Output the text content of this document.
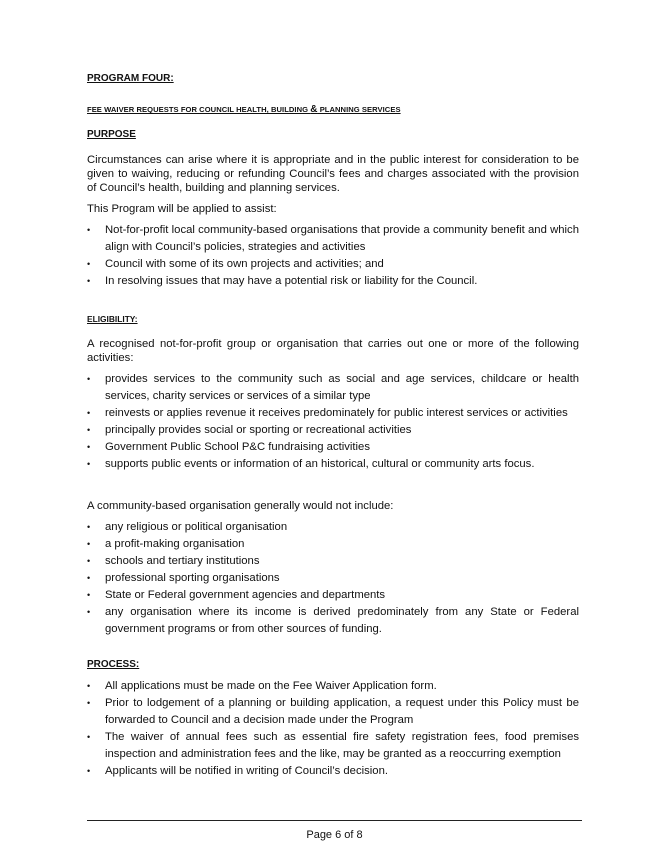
PROGRAM FOUR:
FEE WAIVER REQUESTS FOR COUNCIL HEALTH, BUILDING & PLANNING SERVICES
PURPOSE

Circumstances can arise where it is appropriate and in the public interest for consideration to be given to waiving, reducing or refunding Council’s fees and charges associated with the provision of Council’s health, building and planning services.

This Program will be applied to assist:

• Not-for-profit local community-based organisations that provide a community benefit and which align with Council’s policies, strategies and activities
• Council with some of its own projects and activities; and
• In resolving issues that may have a potential risk or liability for the Council.
ELIGIBILITY:

A recognised not-for-profit group or organisation that carries out one or more of the following activities:

• provides services to the community such as social and age services, childcare or health services, charity services or services of a similar type
• reinvests or applies revenue it receives predominately for public interest services or activities
• principally provides social or sporting or recreational activities
• Government Public School P&C fundraising activities
• supports public events or information of an historical, cultural or community arts focus.

A community-based organisation generally would not include:

• any religious or political organisation
• a profit-making organisation
• schools and tertiary institutions
• professional sporting organisations
• State or Federal government agencies and departments
• any organisation where its income is derived predominately from any State or Federal government programs or from other sources of funding.
PROCESS:
• All applications must be made on the Fee Waiver Application form.
• Prior to lodgement of a planning or building application, a request under this Policy must be forwarded to Council and a decision made under the Program
• The waiver of annual fees such as essential fire safety registration fees, food premises inspection and administration fees and the like, may be granted as a reoccurring exemption
• Applicants will be notified in writing of Council’s decision.
Page 6 of 8
